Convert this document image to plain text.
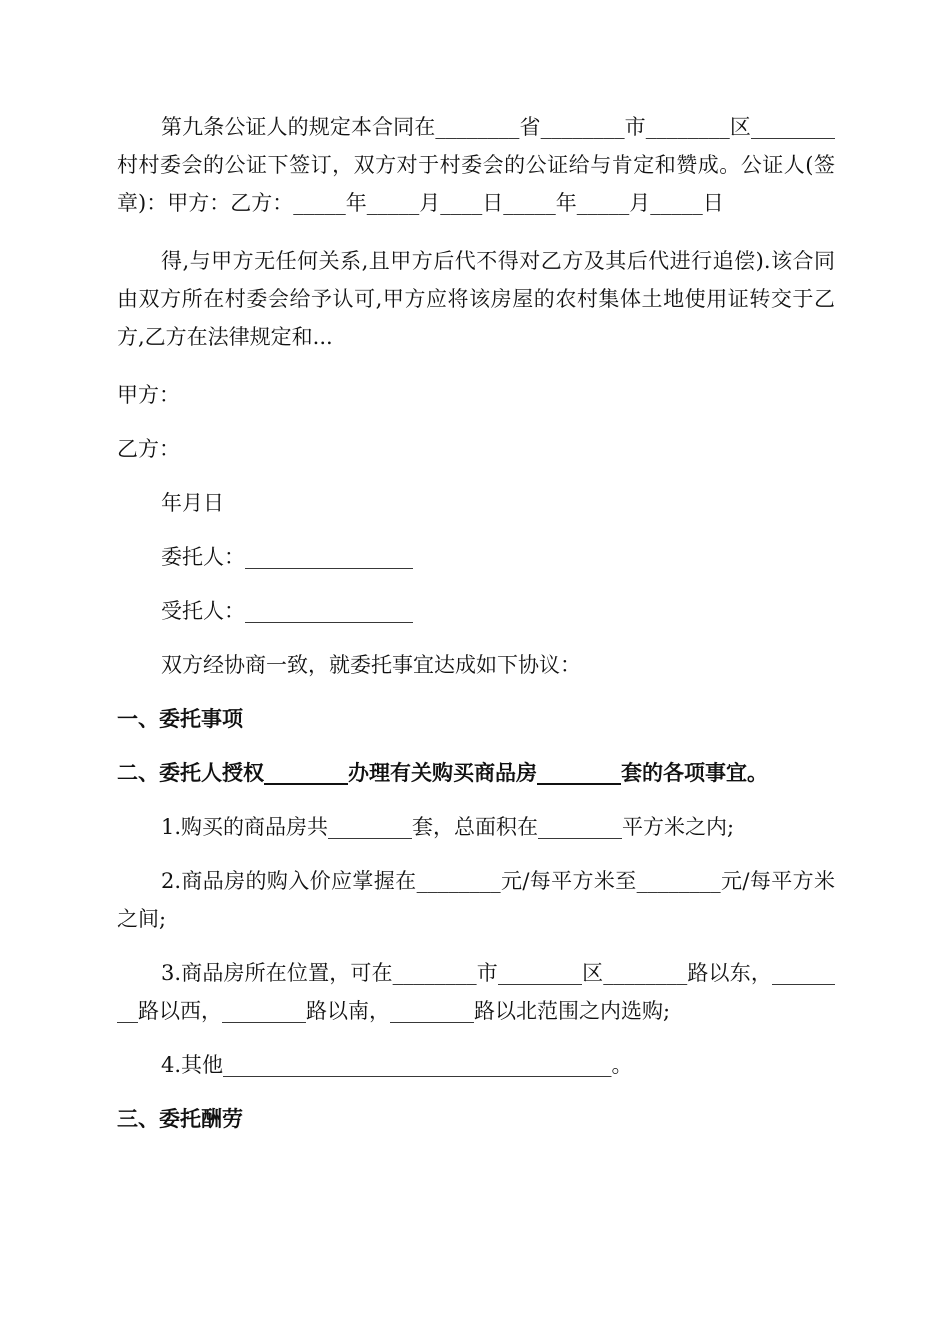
第九条公证人的规定本合同在________省________市________区________村村委会的公证下签订，双方对于村委会的公证给与肯定和赞成。公证人(签章)：甲方：乙方：_____年_____月____日_____年_____月_____日

得,与甲方无任何关系,且甲方后代不得对乙方及其后代进行追偿).该合同由双方所在村委会给予认可,甲方应将该房屋的农村集体土地使用证转交于乙方,乙方在法律规定和...

甲方：

乙方：

年月日

委托人：________________

受托人：________________

双方经协商一致，就委托事宜达成如下协议：

一、委托事项

二、委托人授权________办理有关购买商品房________套的各项事宜。

1.购买的商品房共________套，总面积在________平方米之内;

2.商品房的购入价应掌握在________元/每平方米至________元/每平方米之间;

3.商品房所在位置，可在________市________区________路以东，________路以西，________路以南，________路以北范围之内选购;

4.其他_____________________________________。

三、委托酬劳
